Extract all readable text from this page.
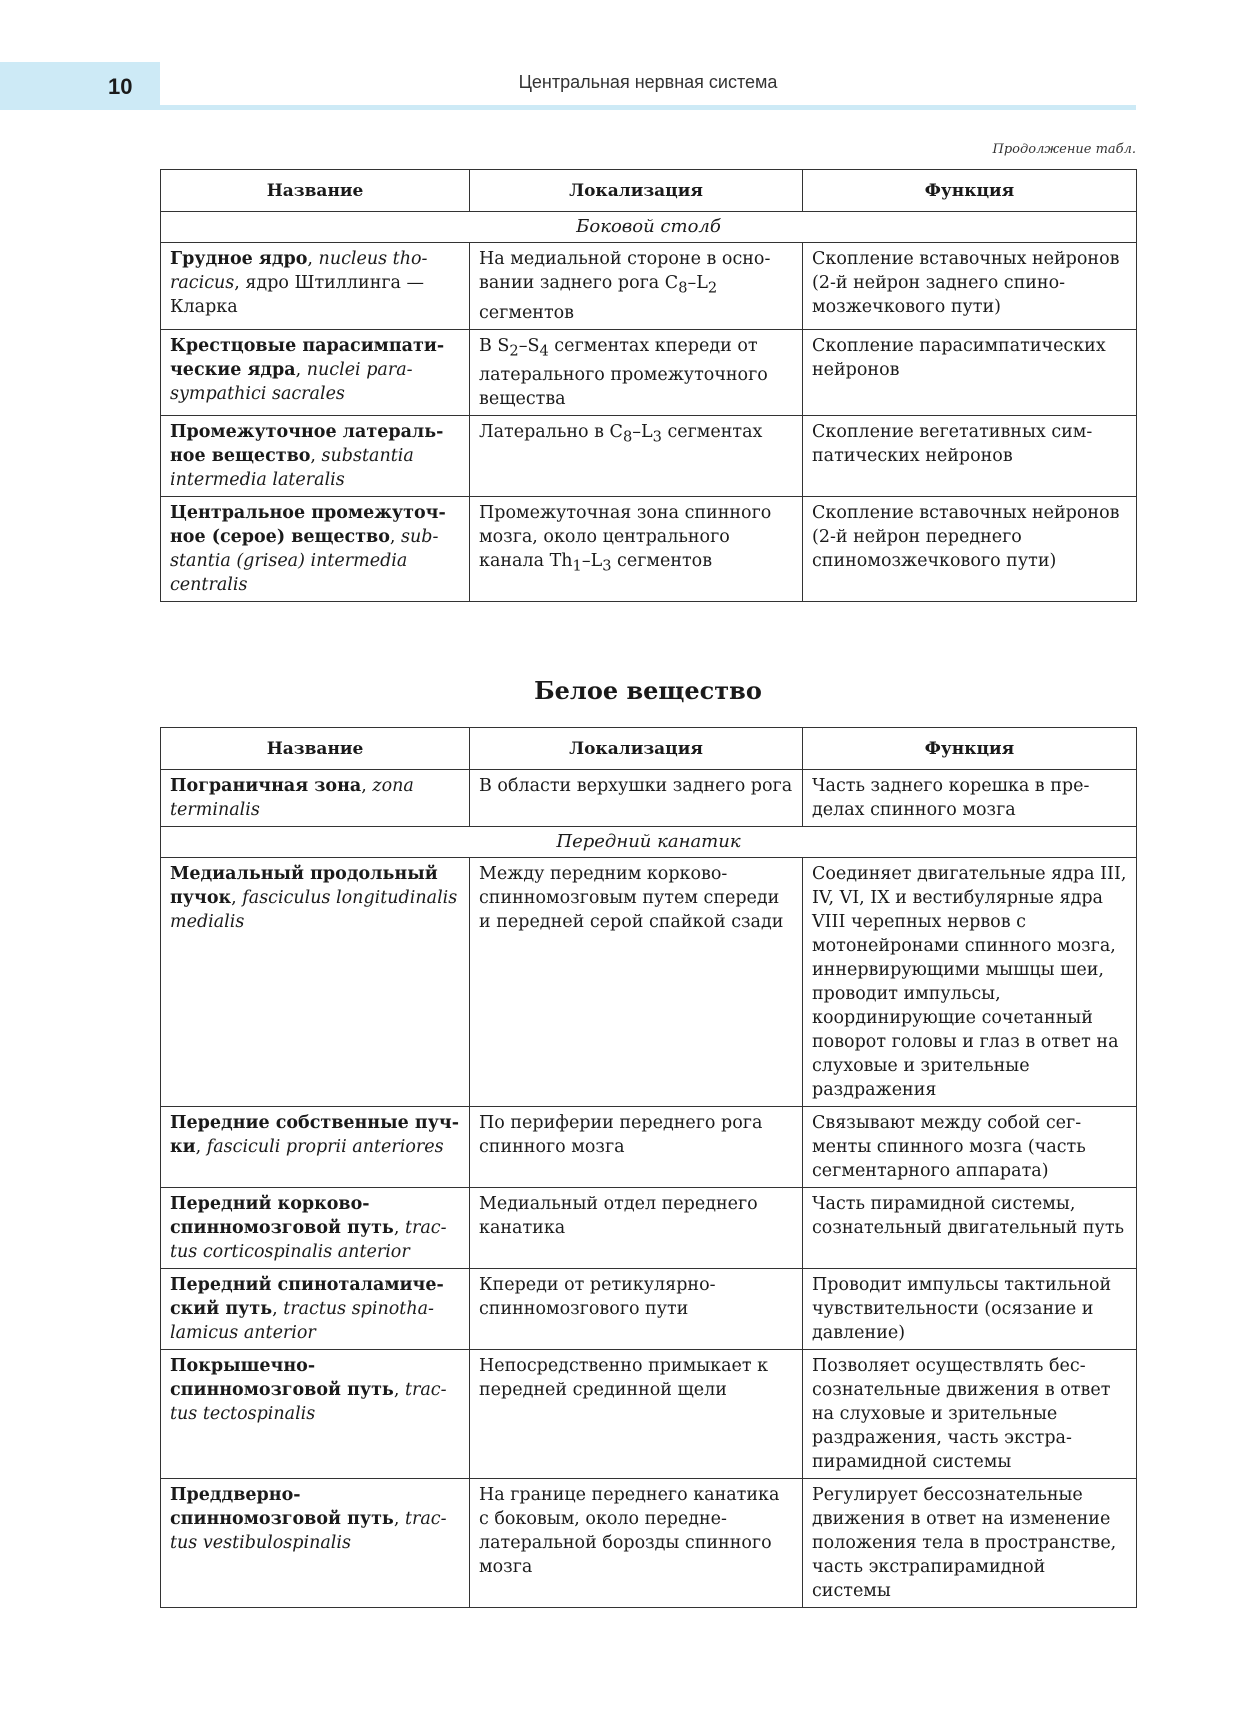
10	Центральная нервная система
Продолжение табл.
Название	Локализация	Функция
Боковой столб		
Грудное ядро, nucleus thoracicus, ядро Штиллинга — Кларка	На медиальной стороне в основании заднего рога $C_8-L_2$ сегментов	Скопление вставочных нейронов (2-й нейрон заднего спиномозжечкового пути)
Крестцовые парасимпатические ядра, nuclei parasympathici sacrales	В $S_2-S_4$ сегментах кпереди от латерального промежуточного вещества	Скопление парасимпатических нейронов
Промежуточное латеральное вещество, substantia intermedia lateralis	Латерально в $C_8-L_3$ сегментах	Скопление вегетативных симпатических нейронов
Центральное промежуточное (серое) вещество, substantia (grisea) intermedia centralis	Промежуточная зона спинного мозга, около центрального канала $Th_1-L_3$ сегментов	Скопление вставочных нейронов (2-й нейрон переднего спиномозжечкового пути)
Белое вещество
Название	Локализация	Функция
Пограничная зона, zona terminalis	В области верхушки заднего рога	Часть заднего корешка в пределах спинного мозга
Передний канатик		
Медиальный продольный пучок, fasciculus longitudinalis medialis	Между передним корково-спинномозговым путем спереди и передней серой спайкой сзади	Соединяет двигательные ядра III, IV, VI, IX и вестибулярные ядра VIII черепных нервов с мотонейронами спинного мозга, иннервирующими мышцы шеи, проводит импульсы, координирующие сочетанный поворот головы и глаз в ответ на слуховые и зрительные раздражения
Передние собственные пучки, fasciculi proprii anteriores	По периферии переднего рога спинного мозга	Связывают между собой сегменты спинного мозга (часть сегментарного аппарата)
Передний корково-спинномозговой путь, tractus corticospinalis anterior	Медиальный отдел переднего канатика	Часть пирамидной системы, сознательный двигательный путь
Передний спиноталамический путь, tractus spinothalamicus anterior	Кпереди от ретикулярно-спинномозгового пути	Проводит импульсы тактильной чувствительности (осязание и давление)
Покрышечно-спинномозговой путь, tractus tectospinalis	Непосредственно примыкает к передней срединной щели	Позволяет осуществлять бессознательные движения в ответ на слуховые и зрительные раздражения, часть экстрапирамидной системы
Преддверно-спинномозговой путь, tractus vestibulospinalis	На границе переднего канатика с боковым, около переднелатеральной борозды спинного мозга	Регулирует бессознательные движения в ответ на изменение положения тела в пространстве, часть экстрапирамидной системы
